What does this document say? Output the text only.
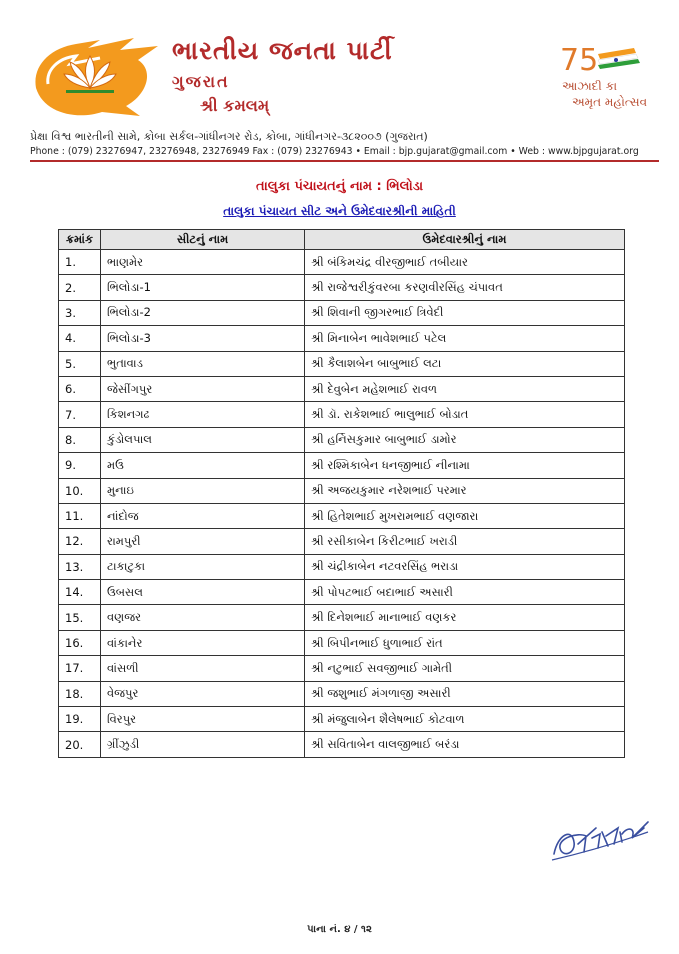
ભારતીય જનતા પાર્ટી
ગુજરાત
શ્રી કમલમ્
75
આઝાદી કા
અમૃત મહોત્સવ
પ્રેક્ષા વિશ્વ ભારતીની સામે, કોબા સર્કલ-ગાંધીનગર રોડ, કોબા, ગાંધીનગર-૩૮૨૦૦૭ (ગુજરાત)
Phone : (079) 23276947, 23276948, 23276949 Fax : (079) 23276943 • Email : bjp.gujarat@gmail.com • Web : www.bjpgujarat.org
તાલુકા પંચાયતનું નામ : ભિલોડા
તાલુકા પંચાયત સીટ અને ઉમેદવારશ્રીની માહિતી
ક્રમાંક	સીટનું નામ	ઉમેદવારશ્રીનું નામ
1.	ભાણમેર	શ્રી બંકિમચંદ્ર વીરજીભાઈ તબીયાર
2.	ભિલોડા-1	શ્રી રાજેશ્વરીકુંવરબા કરણવીરસિંહ ચંપાવત
3.	ભિલોડા-2	શ્રી શિવાની જીગરભાઈ ત્રિવેદી
4.	ભિલોડા-3	શ્રી મિનાબેન ભાવેશભાઈ પટેલ
5.	ભુતાવાડ	શ્રી કૈલાશબેન બાબુભાઈ લટા
6.	જેસીંગપુર	શ્રી દેવુબેન મહેશભાઈ રાવળ
7.	કિશનગઢ	શ્રી ડૉ. રાકેશભાઈ ભાલુભાઈ બોડાત
8.	કુંડોલપાલ	શ્રી હર્નિસકુમાર બાબુભાઈ ડામોર
9.	મઉ	શ્રી રશ્મિકાબેન ધનજીભાઈ નીનામા
10.	મુનાઇ	શ્રી અજયકુમાર નરેશભાઈ પરમાર
11.	નાંદોજ	શ્રી હિતેશભાઈ મુખરામભાઈ વણજારા
12.	રામપુરી	શ્રી રસીકાબેન કિરીટભાઈ ખરાડી
13.	ટાકાટુકા	શ્રી ચંદ્રીકાબેન નટવરસિંહ ભરાડા
14.	ઉબસલ	શ્રી પોપટભાઈ બદાભાઈ અસારી
15.	વણજર	શ્રી દિનેશભાઈ માનાભાઈ વણકર
16.	વાંકાનેર	શ્રી બિપીનભાઈ ધુળાભાઈ રાંત
17.	વાંસળી	શ્રી નટુભાઈ સવજીભાઈ ગામેતી
18.	વેજપુર	શ્રી જશુભાઈ મંગળાજી અસારી
19.	વિરપુર	શ્રી મંજુલાબેન શૈલેષભાઈ કોટવાળ
20.	ગ્રીંઝુડી	શ્રી સવિતાબેન વાલજીભાઈ બરંડા
પાના નં. ૪ / ૧૨
